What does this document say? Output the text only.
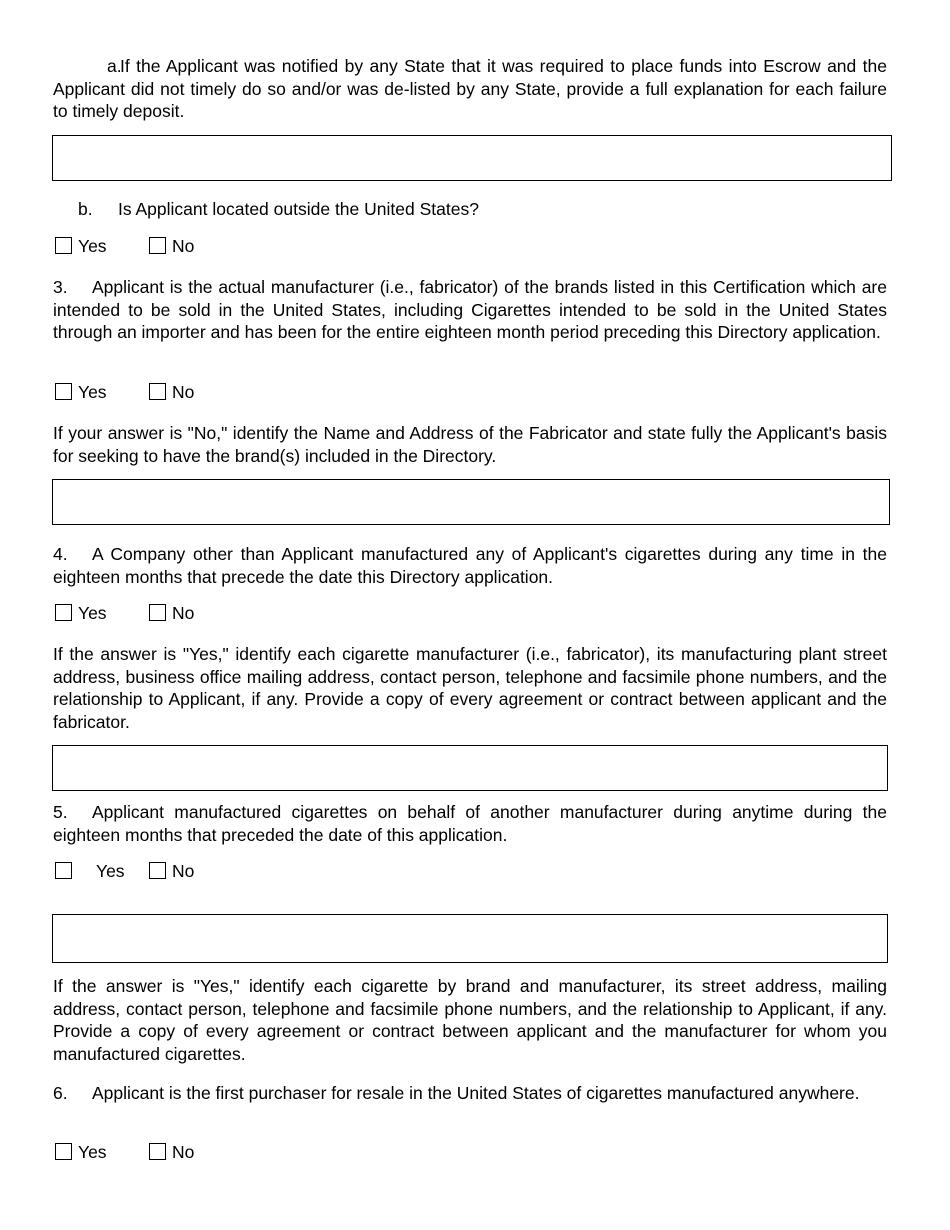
a.If the Applicant was notified by any State that it was required to place funds into Escrow and the Applicant did not timely do so and/or was de-listed by any State, provide a full explanation for each failure to timely deposit.

b. Is Applicant located outside the United States?
Yes	No

3. Applicant is the actual manufacturer (i.e., fabricator) of the brands listed in this Certification which are intended to be sold in the United States, including Cigarettes intended to be sold in the United States through an importer and has been for the entire eighteen month period preceding this Directory application.

Yes	No

If your answer is "No," identify the Name and Address of the Fabricator and state fully the Applicant's basis for seeking to have the brand(s) included in the Directory.

4. A Company other than Applicant manufactured any of Applicant's cigarettes during any time in the eighteen months that precede the date this Directory application.

Yes	No

If the answer is "Yes," identify each cigarette manufacturer (i.e., fabricator), its manufacturing plant street address, business office mailing address, contact person, telephone and facsimile phone numbers, and the relationship to Applicant, if any. Provide a copy of every agreement or contract between applicant and the fabricator.

5. Applicant manufactured cigarettes on behalf of another manufacturer during anytime during the eighteen months that preceded the date of this application.

Yes	No

If the answer is "Yes," identify each cigarette by brand and manufacturer, its street address, mailing address, contact person, telephone and facsimile phone numbers, and the relationship to Applicant, if any. Provide a copy of every agreement or contract between applicant and the manufacturer for whom you manufactured cigarettes.

6. Applicant is the first purchaser for resale in the United States of cigarettes manufactured anywhere.

Yes	No
